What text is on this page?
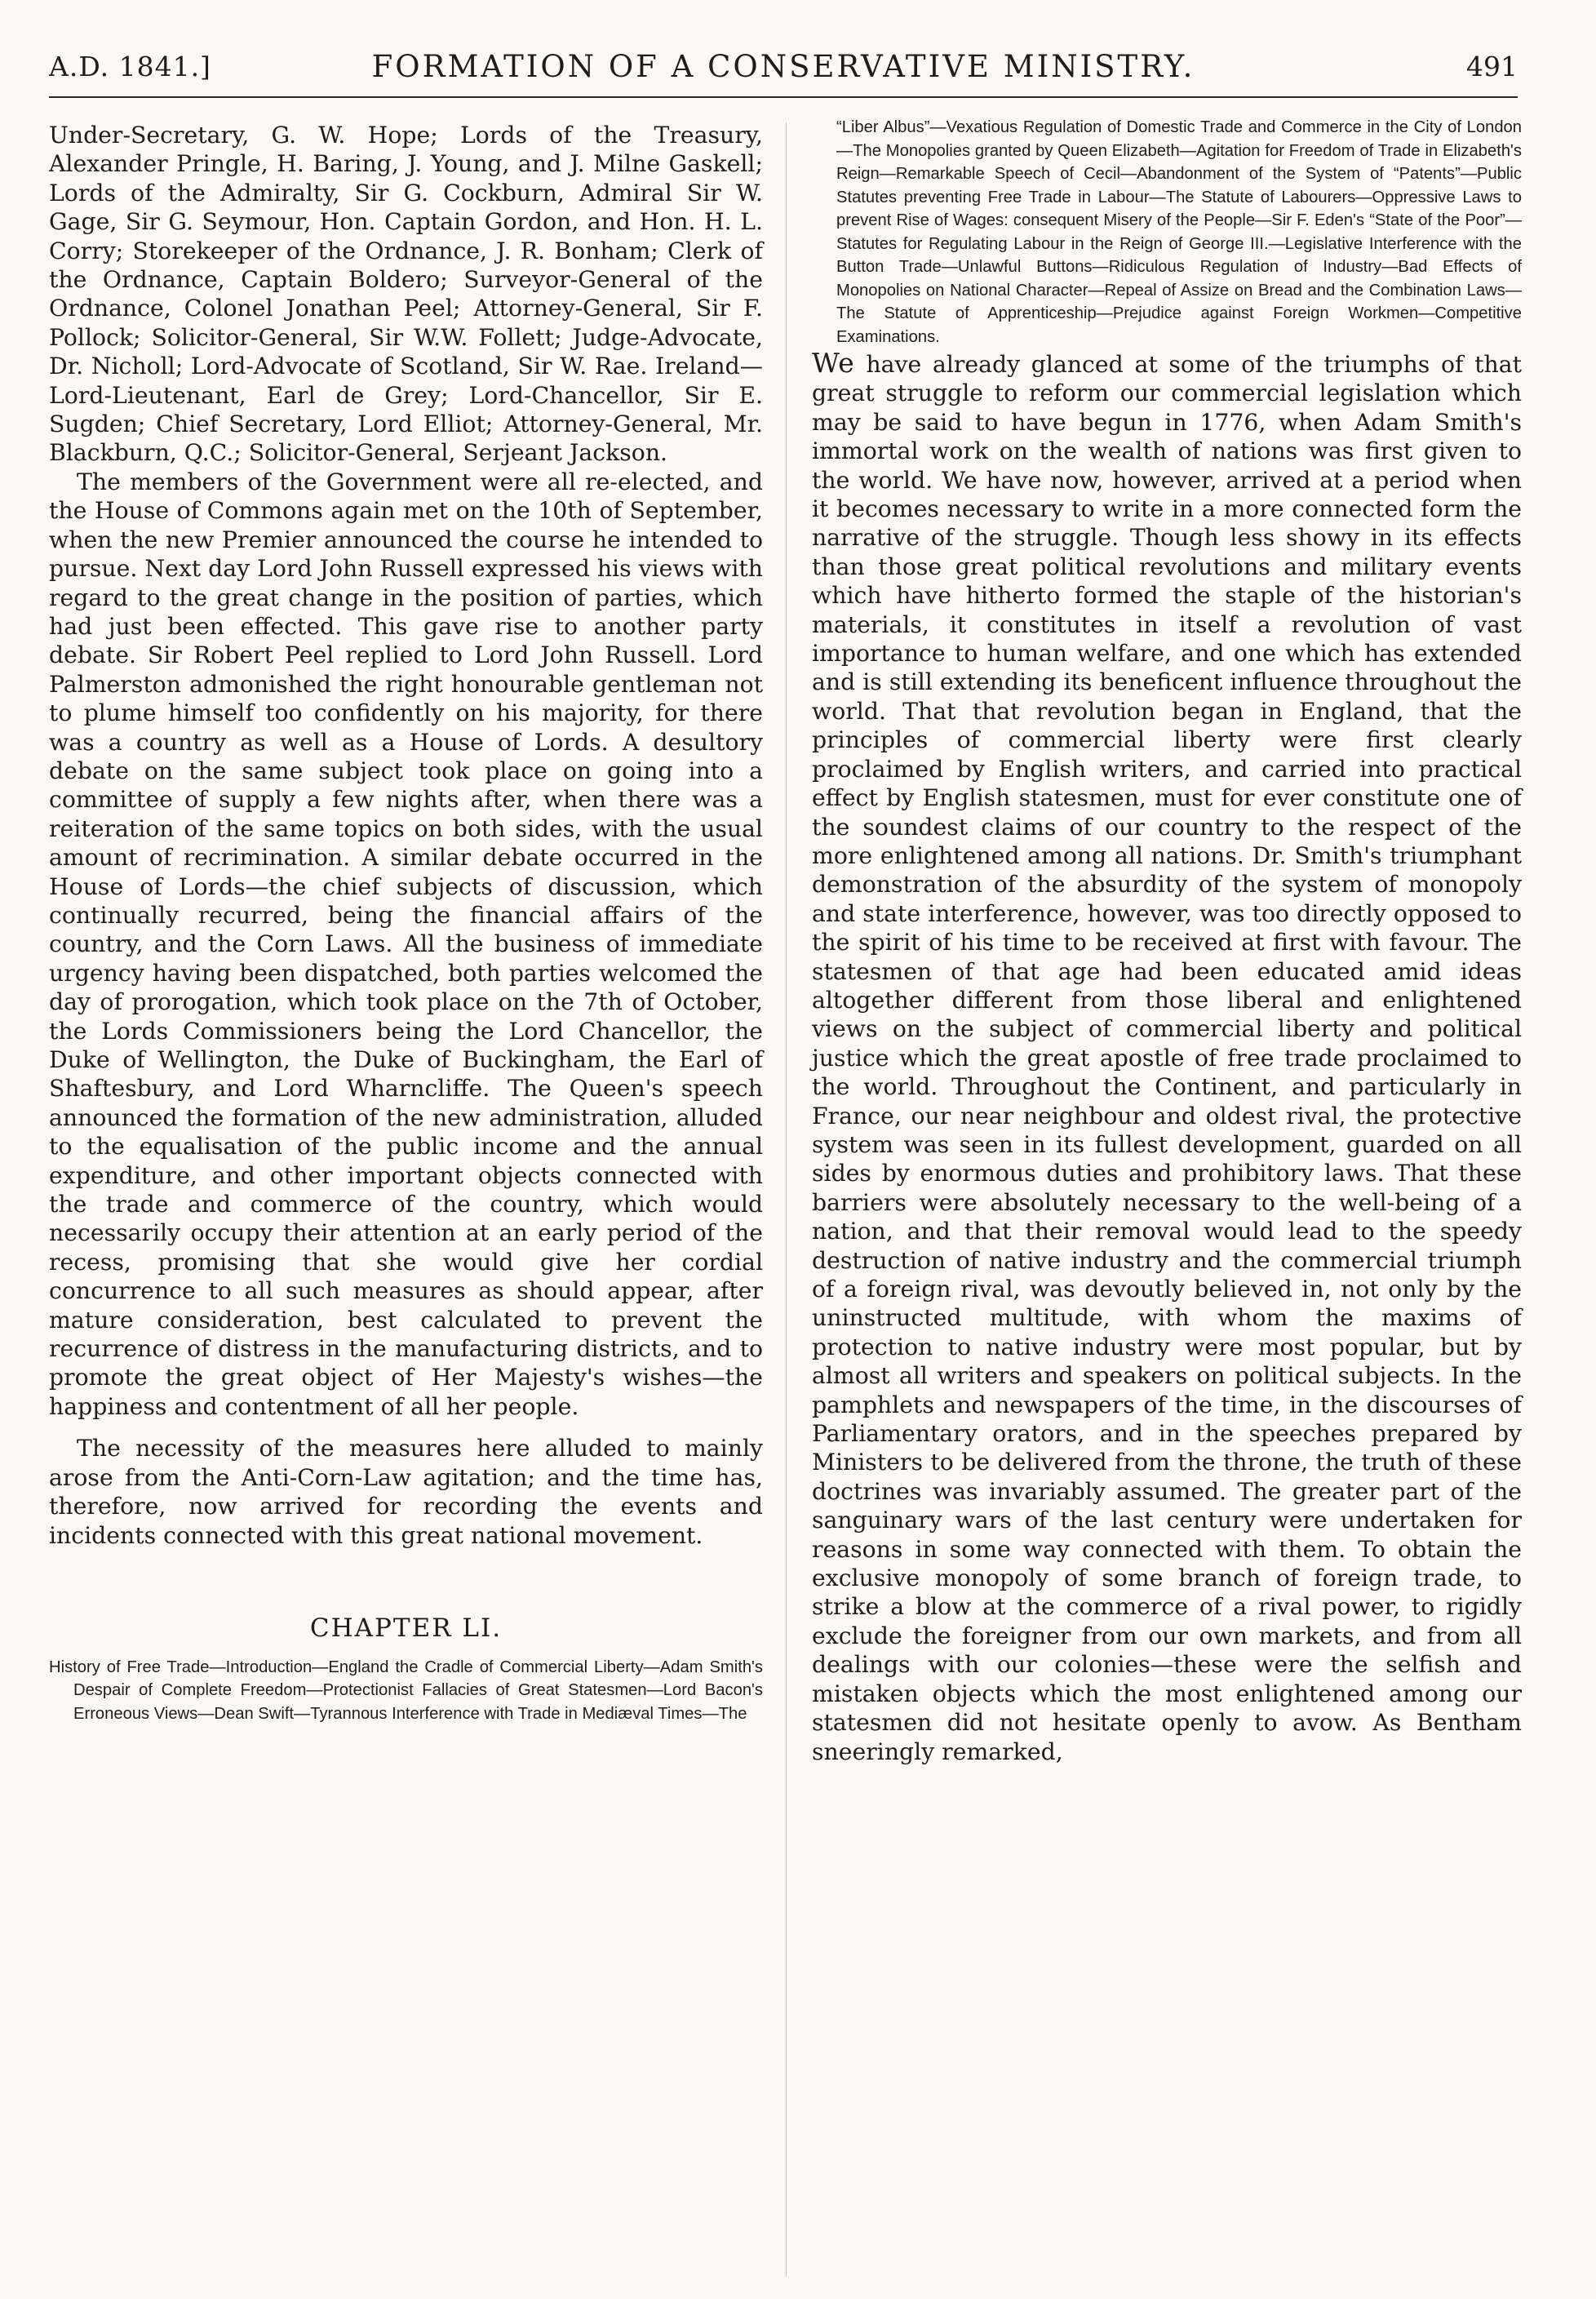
A.D. 1841.]	FORMATION OF A CONSERVATIVE MINISTRY.	491

Under-Secretary, G. W. Hope; Lords of the Treasury, Alexander Pringle, H. Baring, J. Young, and J. Milne Gaskell; Lords of the Admiralty, Sir G. Cockburn, Admiral Sir W. Gage, Sir G. Seymour, Hon. Captain Gordon, and Hon. H. L. Corry; Storekeeper of the Ordnance, J. R. Bonham; Clerk of the Ordnance, Captain Boldero; Surveyor-General of the Ordnance, Colonel Jonathan Peel; Attorney-General, Sir F. Pollock; Solicitor-General, Sir W.W. Follett; Judge-Advocate, Dr. Nicholl; Lord-Advocate of Scotland, Sir W. Rae. Ireland—Lord-Lieutenant, Earl de Grey; Lord-Chancellor, Sir E. Sugden; Chief Secretary, Lord Elliot; Attorney-General, Mr. Blackburn, Q.C.; Solicitor-General, Serjeant Jackson.

The members of the Government were all re-elected, and the House of Commons again met on the 10th of September, when the new Premier announced the course he intended to pursue. Next day Lord John Russell expressed his views with regard to the great change in the position of parties, which had just been effected. This gave rise to another party debate. Sir Robert Peel replied to Lord John Russell. Lord Palmerston admonished the right honourable gentleman not to plume himself too confidently on his majority, for there was a country as well as a House of Lords. A desultory debate on the same subject took place on going into a committee of supply a few nights after, when there was a reiteration of the same topics on both sides, with the usual amount of recrimination. A similar debate occurred in the House of Lords—the chief subjects of discussion, which continually recurred, being the financial affairs of the country, and the Corn Laws. All the business of immediate urgency having been dispatched, both parties welcomed the day of prorogation, which took place on the 7th of October, the Lords Commissioners being the Lord Chancellor, the Duke of Wellington, the Duke of Buckingham, the Earl of Shaftesbury, and Lord Wharncliffe. The Queen's speech announced the formation of the new administration, alluded to the equalisation of the public income and the annual expenditure, and other important objects connected with the trade and commerce of the country, which would necessarily occupy their attention at an early period of the recess, promising that she would give her cordial concurrence to all such measures as should appear, after mature consideration, best calculated to prevent the recurrence of distress in the manufacturing districts, and to promote the great object of Her Majesty's wishes—the happiness and contentment of all her people.

The necessity of the measures here alluded to mainly arose from the Anti-Corn-Law agitation; and the time has, therefore, now arrived for recording the events and incidents connected with this great national movement.

CHAPTER LI.

History of Free Trade—Introduction—England the Cradle of Commercial Liberty—Adam Smith's Despair of Complete Freedom—Protectionist Fallacies of Great Statesmen—Lord Bacon's Erroneous Views—Dean Swift—Tyrannous Interference with Trade in Mediæval Times—The

“Liber Albus”—Vexatious Regulation of Domestic Trade and Commerce in the City of London—The Monopolies granted by Queen Elizabeth—Agitation for Freedom of Trade in Elizabeth's Reign—Remarkable Speech of Cecil—Abandonment of the System of “Patents”—Public Statutes preventing Free Trade in Labour—The Statute of Labourers—Oppressive Laws to prevent Rise of Wages: consequent Misery of the People—Sir F. Eden's “State of the Poor”—Statutes for Regulating Labour in the Reign of George III.—Legislative Interference with the Button Trade—Unlawful Buttons—Ridiculous Regulation of Industry—Bad Effects of Monopolies on National Character—Repeal of Assize on Bread and the Combination Laws—The Statute of Apprenticeship—Prejudice against Foreign Workmen—Competitive Examinations.

We have already glanced at some of the triumphs of that great struggle to reform our commercial legislation which may be said to have begun in 1776, when Adam Smith's immortal work on the wealth of nations was first given to the world. We have now, however, arrived at a period when it becomes necessary to write in a more connected form the narrative of the struggle. Though less showy in its effects than those great political revolutions and military events which have hitherto formed the staple of the historian's materials, it constitutes in itself a revolution of vast importance to human welfare, and one which has extended and is still extending its beneficent influence throughout the world. That that revolution began in England, that the principles of commercial liberty were first clearly proclaimed by English writers, and carried into practical effect by English statesmen, must for ever constitute one of the soundest claims of our country to the respect of the more enlightened among all nations. Dr. Smith's triumphant demonstration of the absurdity of the system of monopoly and state interference, however, was too directly opposed to the spirit of his time to be received at first with favour. The statesmen of that age had been educated amid ideas altogether different from those liberal and enlightened views on the subject of commercial liberty and political justice which the great apostle of free trade proclaimed to the world. Throughout the Continent, and particularly in France, our near neighbour and oldest rival, the protective system was seen in its fullest development, guarded on all sides by enormous duties and prohibitory laws. That these barriers were absolutely necessary to the well-being of a nation, and that their removal would lead to the speedy destruction of native industry and the commercial triumph of a foreign rival, was devoutly believed in, not only by the uninstructed multitude, with whom the maxims of protection to native industry were most popular, but by almost all writers and speakers on political subjects. In the pamphlets and newspapers of the time, in the discourses of Parliamentary orators, and in the speeches prepared by Ministers to be delivered from the throne, the truth of these doctrines was invariably assumed. The greater part of the sanguinary wars of the last century were undertaken for reasons in some way connected with them. To obtain the exclusive monopoly of some branch of foreign trade, to strike a blow at the commerce of a rival power, to rigidly exclude the foreigner from our own markets, and from all dealings with our colonies—these were the selfish and mistaken objects which the most enlightened among our statesmen did not hesitate openly to avow. As Bentham sneeringly remarked,
